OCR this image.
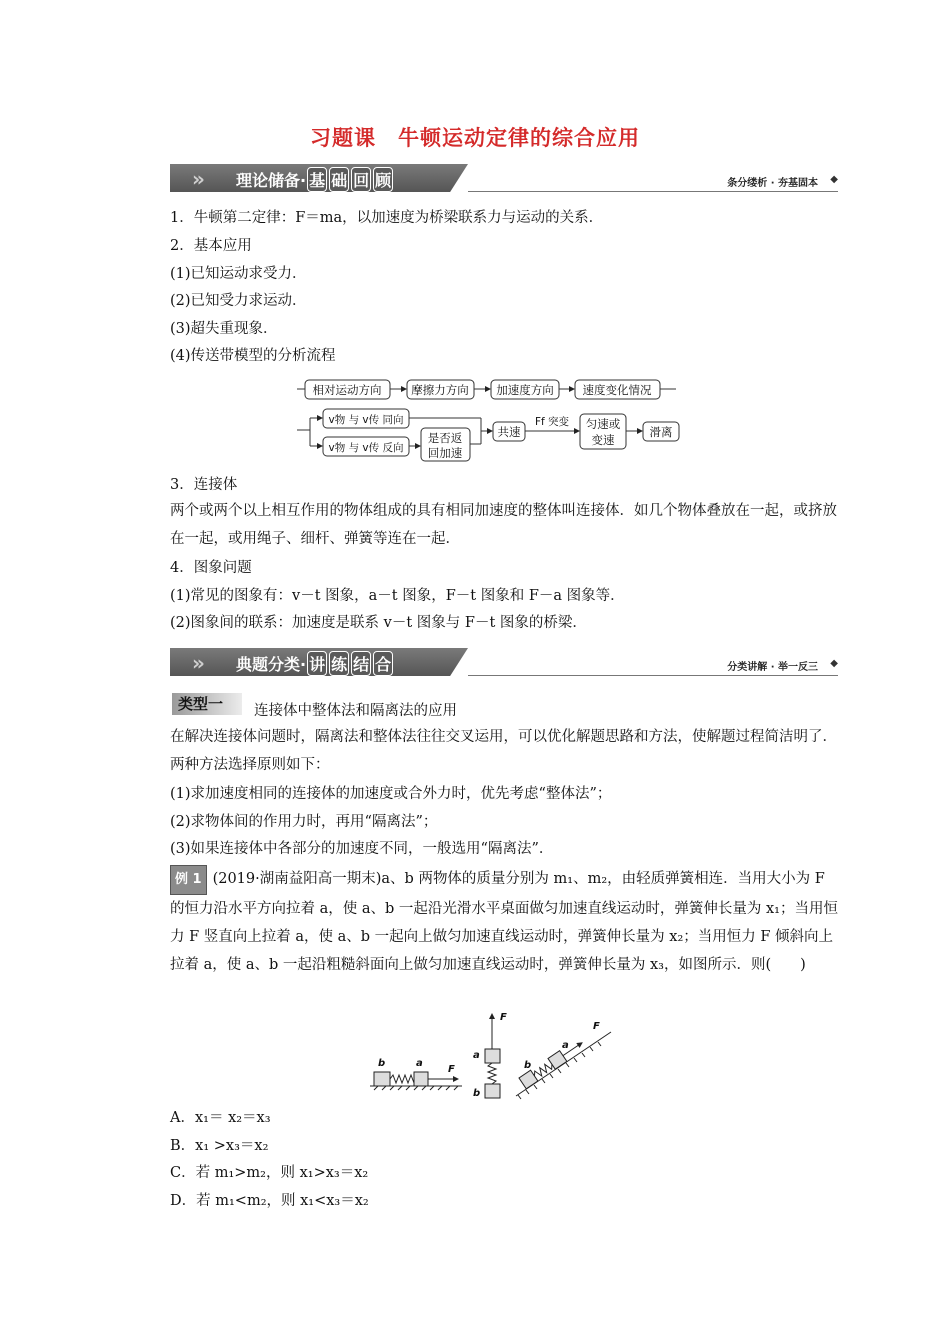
习题课 牛顿运动定律的综合应用
» 理论储备· 基 础 回 顾	条分缕析 · 夯基固本 ◆
1．牛顿第二定律：F＝ma，以加速度为桥梁联系力与运动的关系．
2．基本应用
(1)已知运动求受力．
(2)已知受力求运动．
(3)超失重现象．
(4)传送带模型的分析流程
相对运动方向	摩擦力方向 加速度方向	速度变化情况
v物 与 v传 同向
v物 与 v传 反向
是否返
回加速
共速
Ff 突变 匀速或
变速
滑离
3．连接体
两个或两个以上相互作用的物体组成的具有相同加速度的整体叫连接体．如几个物体叠放在一起，或挤放在一起，或用绳子、细杆、弹簧等连在一起．
4．图象问题
(1)常见的图象有：v－t 图象，a－t 图象，F－t 图象和 F－a 图象等．
(2)图象间的联系：加速度是联系 v－t 图象与 F－t 图象的桥梁．
» 典题分类· 讲 练 结 合	分类讲解 · 举一反三 ◆
类型一	连接体中整体法和隔离法的应用
在解决连接体问题时，隔离法和整体法往往交叉运用，可以优化解题思路和方法，使解题过程简洁明了．两种方法选择原则如下：
(1)求加速度相同的连接体的加速度或合外力时，优先考虑“整体法”；
(2)求物体间的作用力时，再用“隔离法”；
(3)如果连接体中各部分的加速度不同，一般选用“隔离法”．
例 1 (2019·湖南益阳高一期末)a、b 两物体的质量分别为 m₁、m₂，由轻质弹簧相连．当用大小为 F 的恒力沿水平方向拉着 a，使 a、b 一起沿光滑水平桌面做匀加速直线运动时，弹簧伸长量为 x₁；当用恒力 F 竖直向上拉着 a，使 a、b 一起向上做匀加速直线运动时，弹簧伸长量为 x₂；当用恒力 F 倾斜向上拉着 a，使 a、b 一起沿粗糙斜面向上做匀加速直线运动时，弹簧伸长量为 x₃，如图所示．则(　　)
b	a
F
a
b
F
b
a
F
A．x₁＝ x₂＝x₃
B．x₁ >x₃＝x₂
C．若 m₁>m₂，则 x₁>x₃＝x₂
D．若 m₁<m₂，则 x₁<x₃＝x₂
